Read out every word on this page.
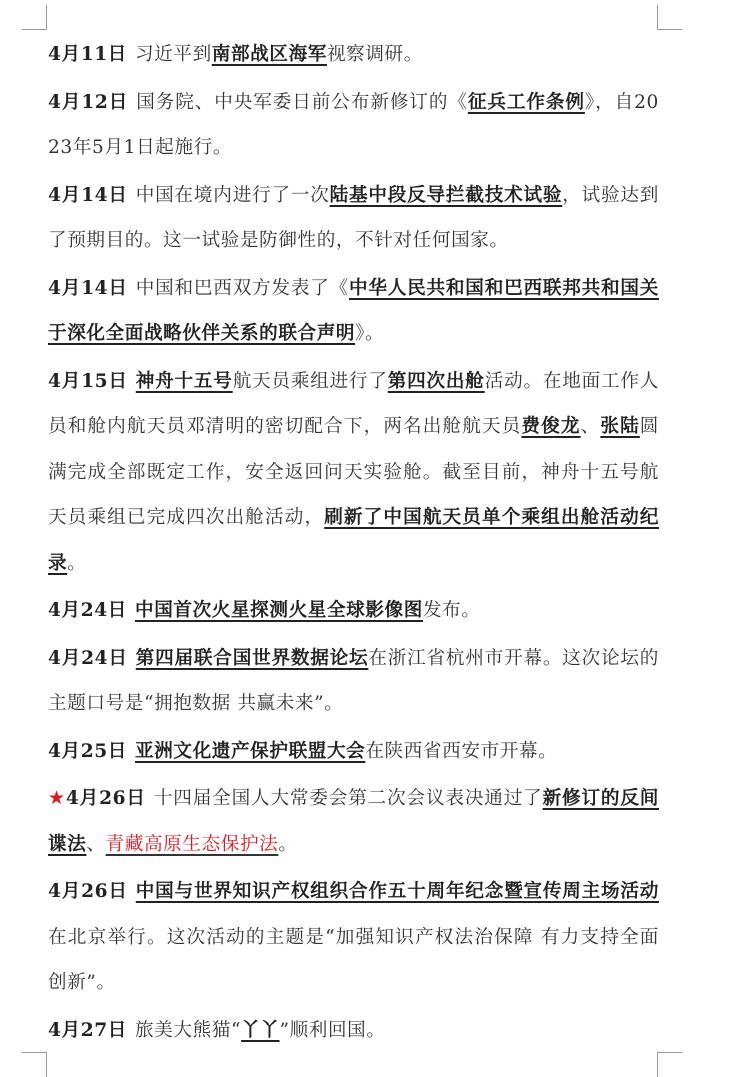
4月11日 习近平到南部战区海军视察调研。

4月12日 国务院、中央军委日前公布新修订的《征兵工作条例》，自2023年5月1日起施行。

4月14日 中国在境内进行了一次陆基中段反导拦截技术试验，试验达到了预期目的。这一试验是防御性的，不针对任何国家。

4月14日 中国和巴西双方发表了《中华人民共和国和巴西联邦共和国关于深化全面战略伙伴关系的联合声明》。

4月15日 神舟十五号航天员乘组进行了第四次出舱活动。在地面工作人员和舱内航天员邓清明的密切配合下，两名出舱航天员费俊龙、张陆圆满完成全部既定工作，安全返回问天实验舱。截至目前，神舟十五号航天员乘组已完成四次出舱活动，刷新了中国航天员单个乘组出舱活动纪录。

4月24日 中国首次火星探测火星全球影像图发布。

4月24日 第四届联合国世界数据论坛在浙江省杭州市开幕。这次论坛的主题口号是“拥抱数据 共赢未来”。

4月25日 亚洲文化遗产保护联盟大会在陕西省西安市开幕。

★4月26日 十四届全国人大常委会第二次会议表决通过了新修订的反间谍法、青藏高原生态保护法。

4月26日 中国与世界知识产权组织合作五十周年纪念暨宣传周主场活动在北京举行。这次活动的主题是“加强知识产权法治保障 有力支持全面创新”。

4月27日 旅美大熊猫“丫丫”顺利回国。
